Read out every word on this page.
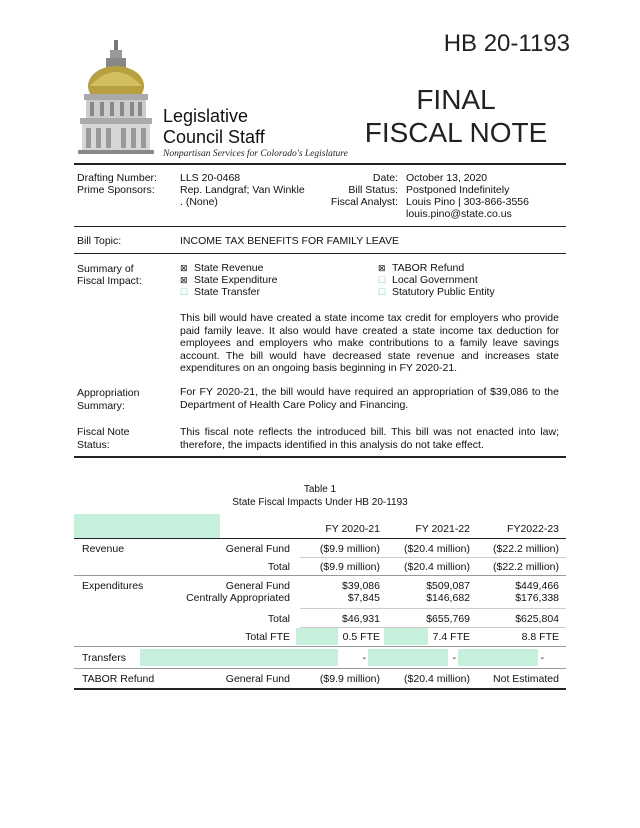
HB 20-1193
Legislative
Council Staff
Nonpartisan Services for Colorado's Legislature
FINAL
FISCAL NOTE
Drafting Number: LLS 20-0468
Prime Sponsors: Rep. Landgraf; Van Winkle
. (None)
Date: October 13, 2020
Bill Status: Postponed Indefinitely
Fiscal Analyst: Louis Pino | 303-866-3556
louis.pino@state.co.us
Bill Topic:	INCOME TAX BENEFITS FOR FAMILY LEAVE
Summary of
Fiscal Impact:
⊠ State Revenue
⊠ State Expenditure
☐ State Transfer
⊠ TABOR Refund
☐ Local Government
☐ Statutory Public Entity
This bill would have created a state income tax credit for employers who provide paid family leave. It also would have created a state income tax deduction for employees and employers who make contributions to a family leave savings account. The bill would have decreased state revenue and increases state expenditures on an ongoing basis beginning in FY 2020-21.
Appropriation
Summary:
For FY 2020-21, the bill would have required an appropriation of $39,086 to the Department of Health Care Policy and Financing.
Fiscal Note
Status:
This fiscal note reflects the introduced bill. This bill was not enacted into law; therefore, the impacts identified in this analysis do not take effect.
Table 1
State Fiscal Impacts Under HB 20-1193
FY 2020-21	FY 2021-22	FY2022-23
Revenue	General Fund	($9.9 million)	($20.4 million)	($22.2 million)
Total	($9.9 million)	($20.4 million)	($22.2 million)
Expenditures	General Fund	$39,086	$509,087	$449,466
Centrally Appropriated	$7,845	$146,682	$176,338
Total	$46,931	$655,769	$625,804
Total FTE	0.5 FTE	7.4 FTE	8.8 FTE
Transfers	-	-	-
TABOR Refund	General Fund	($9.9 million)	($20.4 million)	Not Estimated
